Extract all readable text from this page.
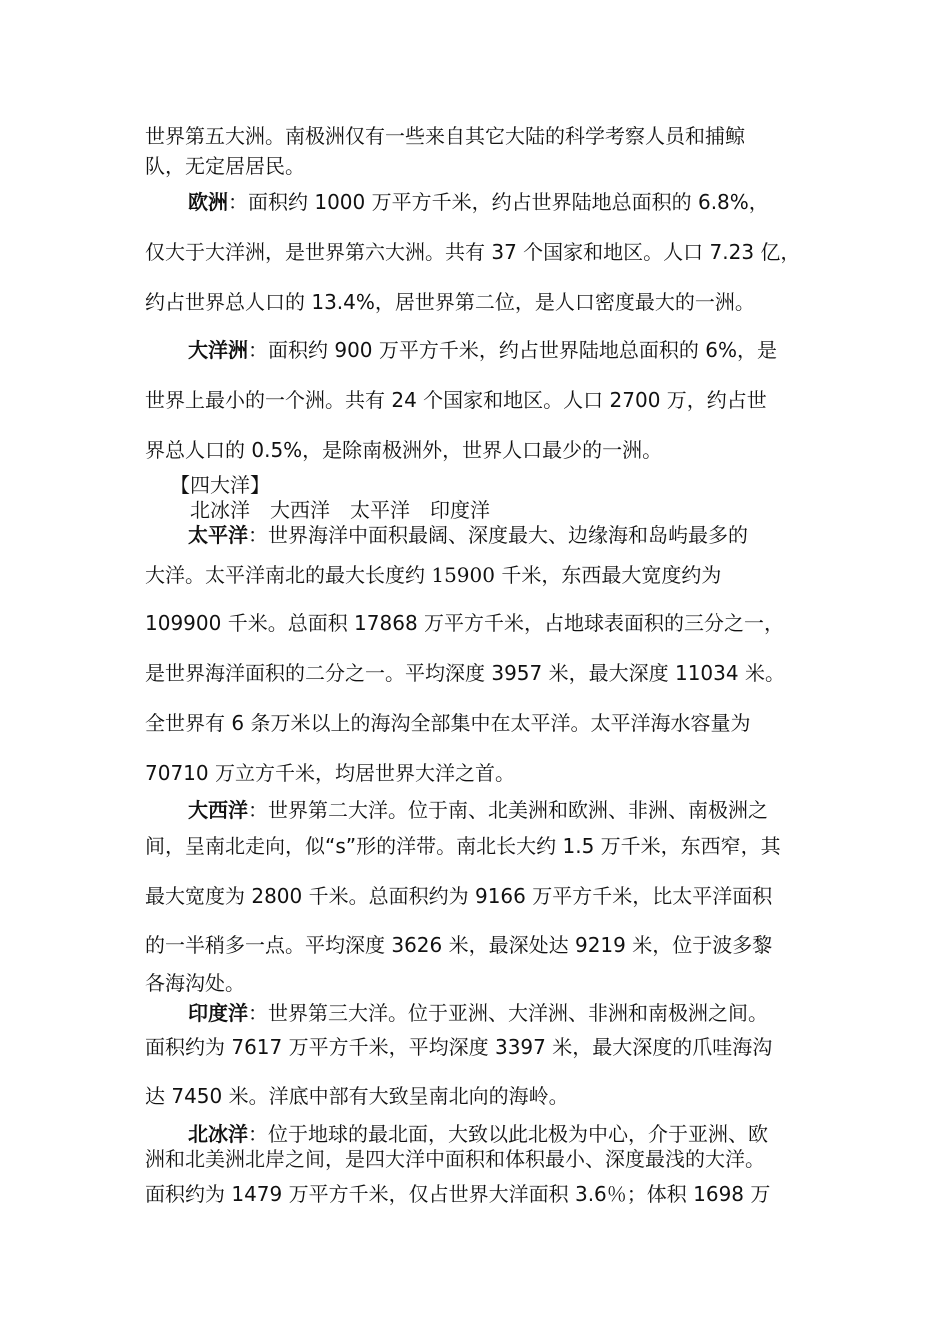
世界第五大洲。南极洲仅有一些来自其它大陆的科学考察人员和捕鲸
队，无定居居民。
欧洲：面积约 1000 万平方千米，约占世界陆地总面积的 6.8%，
仅大于大洋洲，是世界第六大洲。共有 37 个国家和地区。人口 7.23 亿，
约占世界总人口的 13.4%，居世界第二位，是人口密度最大的一洲。
大洋洲：面积约 900 万平方千米，约占世界陆地总面积的 6%，是
世界上最小的一个洲。共有 24 个国家和地区。人口 2700 万，约占世
界总人口的 0.5%，是除南极洲外，世界人口最少的一洲。
【四大洋】
北冰洋　大西洋　太平洋　印度洋
太平洋：世界海洋中面积最阔、深度最大、边缘海和岛屿最多的
大洋。太平洋南北的最大长度约 15900 千米，东西最大宽度约为
109900 千米。总面积 17868 万平方千米，占地球表面积的三分之一，
是世界海洋面积的二分之一。平均深度 3957 米，最大深度 11034 米。
全世界有 6 条万米以上的海沟全部集中在太平洋。太平洋海水容量为
70710 万立方千米，均居世界大洋之首。
大西洋：世界第二大洋。位于南、北美洲和欧洲、非洲、南极洲之
间，呈南北走向，似“s”形的洋带。南北长大约 1.5 万千米，东西窄，其
最大宽度为 2800 千米。总面积约为 9166 万平方千米，比太平洋面积
的一半稍多一点。平均深度 3626 米，最深处达 9219 米，位于波多黎
各海沟处。
印度洋：世界第三大洋。位于亚洲、大洋洲、非洲和南极洲之间。
面积约为 7617 万平方千米，平均深度 3397 米，最大深度的爪哇海沟
达 7450 米。洋底中部有大致呈南北向的海岭。
北冰洋：位于地球的最北面，大致以此北极为中心，介于亚洲、欧
洲和北美洲北岸之间，是四大洋中面积和体积最小、深度最浅的大洋。
面积约为 1479 万平方千米，仅占世界大洋面积 3.6％；体积 1698 万
